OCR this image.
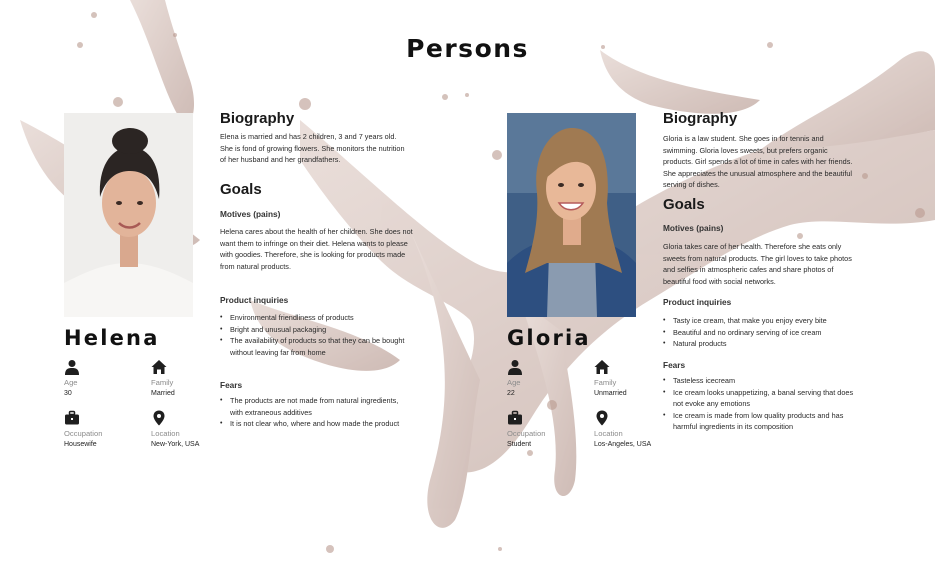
Persons
Helena
Age
30
Family
Married
Occupation
Housewife
Location
New-York, USA
Biography
Elena is married and has 2 children, 3 and 7 years old.
She is fond of growing flowers. She monitors the nutrition
of her husband and her grandfathers.
Goals
Motives (pains)
Helena cares about the health of her children. She does not
want them to infringe on their diet. Helena wants to please
with goodies. Therefore, she is looking for products made
from natural products.
Product inquiries
• Environmental friendliness of products
• Bright and unusual packaging
• The availability of products so that they can be bought
without leaving far from home
Fears
• The products are not made from natural ingredients,
with extraneous additives
• It is not clear who, where and how made the product
Gloria
Age
22
Family
Unmarried
Occupation
Student
Location
Los-Angeles, USA
Biography
Gloria is a law student. She goes in for tennis and
swimming. Gloria loves sweets, but prefers organic
products. Girl spends a lot of time in cafes with her friends.
She appreciates the unusual atmosphere and the beautiful
serving of dishes.
Goals
Motives (pains)
Gloria takes care of her health. Therefore she eats only
sweets from natural products. The girl loves to take photos
and selfies in atmospheric cafes and share photos of
beautiful food with social networks.
Product inquiries
• Tasty ice cream, that make you enjoy every bite
• Beautiful and no ordinary serving of ice cream
• Natural products
Fears
• Tasteless icecream
• Ice cream looks unappetizing, a banal serving that does
not evoke any emotions
• Ice cream is made from low quality products and has
harmful ingredients in its composition
